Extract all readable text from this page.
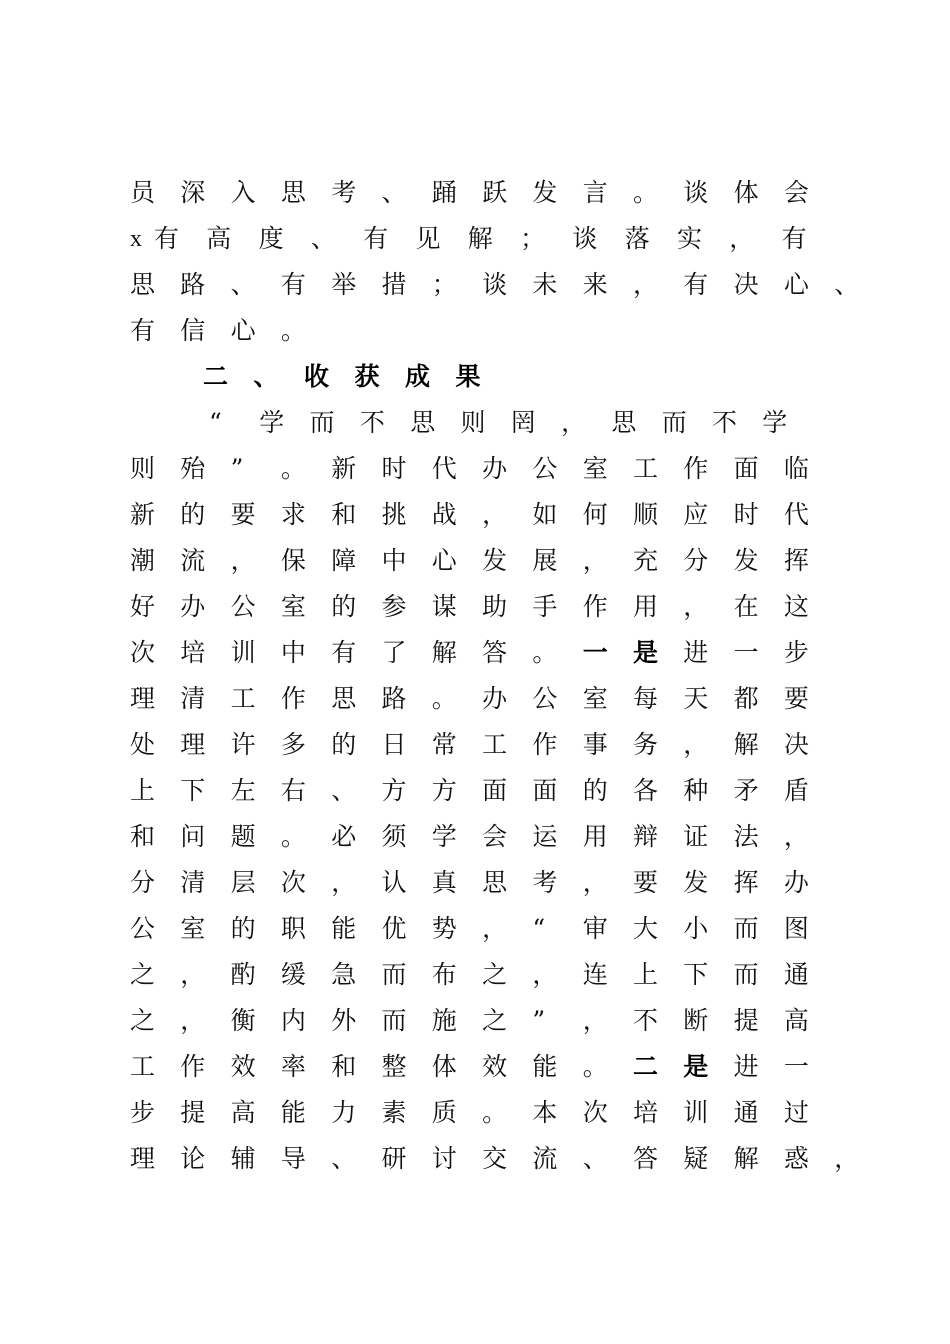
员 深 入 思 考 、 踊 跃 发 言 。 谈 体 会
x 有 高 度 、 有 见 解 ； 谈 落 实 ， 有
思 路 、 有 举 措 ； 谈 未 来 ， 有 决 心 、
有 信 心 。
二 、 收 获 成 果
“ 学 而 不 思 则 罔 ， 思 而 不 学
则 殆 ” 。 新 时 代 办 公 室 工 作 面 临
新 的 要 求 和 挑 战 ， 如 何 顺 应 时 代
潮 流 ， 保 障 中 心 发 展 ， 充 分 发 挥
好 办 公 室 的 参 谋 助 手 作 用 ， 在 这
次 培 训 中 有 了 解 答 。 一 是 进 一 步
理 清 工 作 思 路 。 办 公 室 每 天 都 要
处 理 许 多 的 日 常 工 作 事 务 ， 解 决
上 下 左 右 、 方 方 面 面 的 各 种 矛 盾
和 问 题 。 必 须 学 会 运 用 辩 证 法 ，
分 清 层 次 ， 认 真 思 考 ， 要 发 挥 办
公 室 的 职 能 优 势 ， “ 审 大 小 而 图
之 ， 酌 缓 急 而 布 之 ， 连 上 下 而 通
之 ， 衡 内 外 而 施 之 ” ， 不 断 提 高
工 作 效 率 和 整 体 效 能 。 二 是 进 一
步 提 高 能 力 素 质 。 本 次 培 训 通 过
理 论 辅 导 、 研 讨 交 流 、 答 疑 解 惑 ，
